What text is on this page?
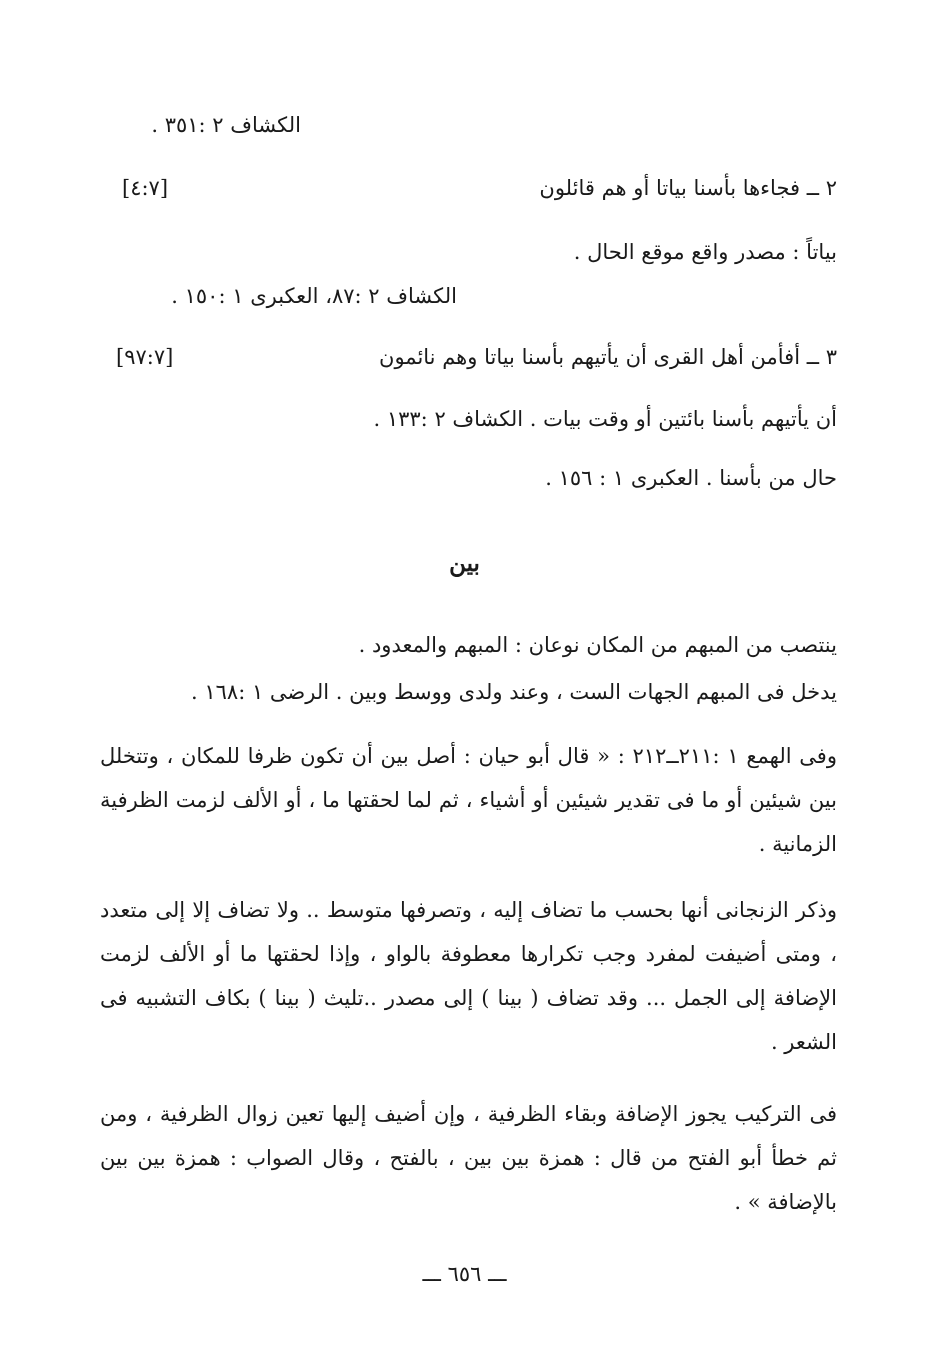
الكشاف ٢ :٣٥١ .
٢ ــ فجاءها بأسنا بياتا أو هم قائلون
[٤:٧]
بياتاً : مصدر واقع موقع الحال .
الكشاف ٢ :٨٧، العكبرى ١ :١٥٠ .
٣ ــ أفأمن أهل القرى أن يأتيهم بأسنا بياتا وهم نائمون
[٩٧:٧]
أن يأتيهم بأسنا بائتين أو وقت بيات . الكشاف ٢ :١٣٣ .
حال من بأسنا . العكبرى ١ : ١٥٦ .
بين
ينتصب من المبهم من المكان نوعان : المبهم والمعدود .
يدخل فى المبهم الجهات الست ، وعند ولدى ووسط وبين . الرضى ١ :١٦٨ .
وفى الهمع ١ :٢١١ــ٢١٢ : « قال أبو حيان : أصل بين أن تكون ظرفا للمكان ، وتتخلل بين شيئين أو ما فى تقدير شيئين أو أشياء ، ثم لما لحقتها ما ، أو الألف لزمت الظرفية الزمانية .
وذكر الزنجانى أنها بحسب ما تضاف إليه ، وتصرفها متوسط .. ولا تضاف إلا إلى متعدد ، ومتى أضيفت لمفرد وجب تكرارها معطوفة بالواو ، وإذا لحقتها ما أو الألف لزمت الإضافة إلى الجمل ... وقد تضاف ( بينا ) إلى مصدر ..تليث ( بينا ) بكاف التشبيه فى الشعر .
فى التركيب يجوز الإضافة وبقاء الظرفية ، وإن أضيف إليها تعين زوال الظرفية ، ومن ثم خطأ أبو الفتح من قال : همزة بين بين ، بالفتح ، وقال الصواب : همزة بين بين بالإضافة » .
ـــ ٦٥٦ ـــ
